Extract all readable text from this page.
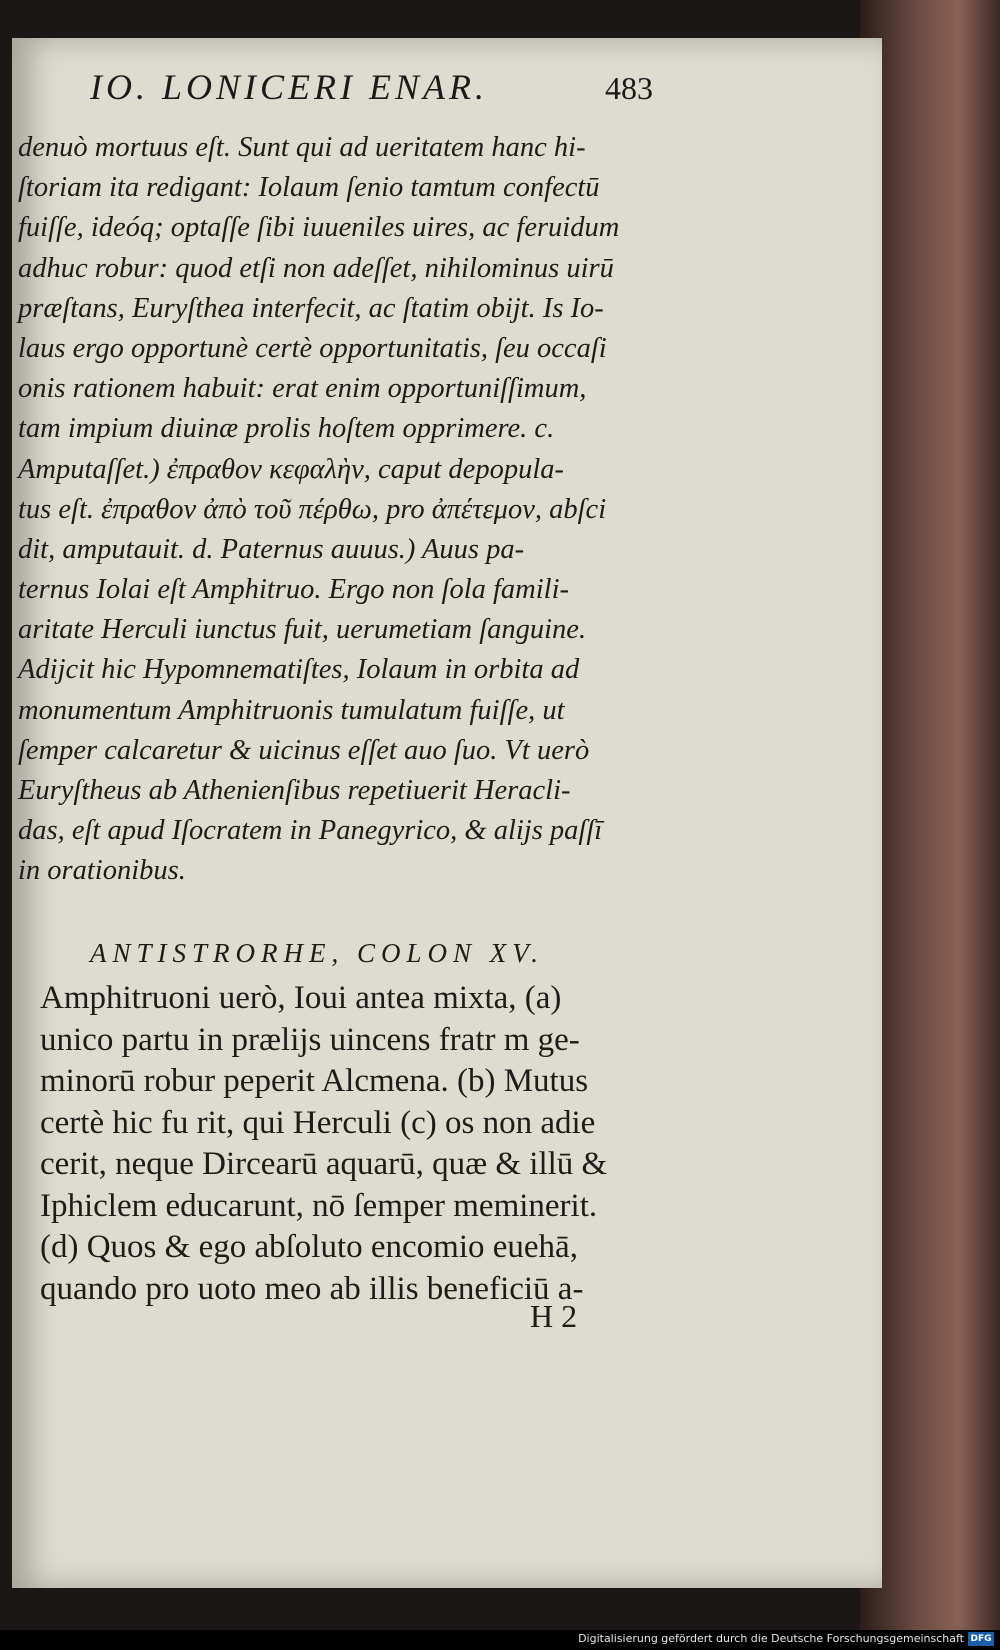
IO. LONICERI ENAR.	483
denuò mortuus eſt. Sunt qui ad ueritatem hanc hi-
ſtoriam ita redigant: Iolaum ſenio tamtum confectū
fuiſſe, ideóq; optaſſe ſibi iuueniles uires, ac feruidum
adhuc robur: quod etſi non adeſſet, nihilominus uirū
præſtans, Euryſthea interfecit, ac ſtatim obijt. Is Io-
laus ergo opportunè certè opportunitatis, ſeu occaſi
onis rationem habuit: erat enim opportuniſſimum,
tam impium diuinæ prolis hoſtem opprimere. c.
Amputaſſet.) ἐπραθον κεφαλὴν, caput depopula-
tus eſt. ἐπραθον ἀπὸ τοῦ πέρθω, pro ἀπέτεμον, abſci
dit, amputauit. d. Paternus auuus.) Auus pa-
ternus Iolai eſt Amphitruo. Ergo non ſola famili-
aritate Herculi iunctus fuit, uerumetiam ſanguine.
Adijcit hic Hypomnematiſtes, Iolaum in orbita ad
monumentum Amphitruonis tumulatum fuiſſe, ut
ſemper calcaretur & uicinus eſſet auo ſuo. Vt uerò
Euryſtheus ab Athenienſibus repetiuerit Heracli-
das, eſt apud Iſocratem in Panegyrico, & alijs paſſī
in orationibus.
ANTISTRORHE, COLON XV.
Amphitruoni uerò, Ioui antea mixta, (a)
unico partu in prælijs uincens fratr m ge-
minorū robur peperit Alcmena. (b) Mutus
certè hic fu rit, qui Herculi (c) os non adie
cerit, neque Dircearū aquarū, quæ & illū &
Iphiclem educarunt, nō ſemper meminerit.
(d) Quos & ego abſoluto encomio euehā,
quando pro uoto meo ab illis beneficiū a-
H 2
Digitalisierung gefördert durch die Deutsche Forschungsgemeinschaft DFG
